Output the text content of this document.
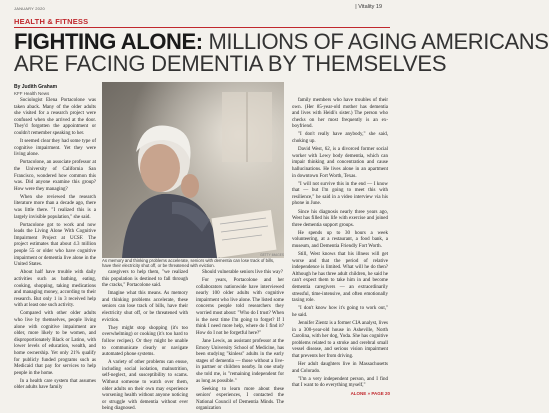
JANUARY 2020	| Vitality 19
HEALTH & FITNESS
FIGHTING ALONE: MILLIONS OF AGING AMERICANS
ARE FACING DEMENTIA BY THEMSELVES
By Judith Graham
KFF Health News

Sociologist Elena Portacolone was taken aback. Many of the older adults she visited for a research project were confused when she arrived at the door. They'd forgotten the appointment or couldn't remember speaking to her.

It seemed clear they had some type of cognitive impairment. Yet they were living alone.

Portacolone, an associate professor at the University of California San Francisco, wondered how common this was. Did anyone examine this group? How were they managing?

When she reviewed the research literature more than a decade ago, there was little there. "I realized this is a largely invisible population," she said.

Portacolone got to work and now leads the Living Alone With Cognitive Impairment Project at UCSF. The project estimates that about 4.3 million people 55 or older who have cognitive impairment or dementia live alone in the United States.

About half have trouble with daily activities such as bathing, eating, cooking, shopping, taking medications and managing money, according to their research. But only 1 in 3 received help with at least one such activity.

Compared with other older adults who live by themselves, people living alone with cognitive impairment are older, more likely to be women, and disproportionately Black or Latino, with lower levels of education, wealth, and home ownership. Yet only 21% qualify for publicly funded programs such as Medicaid that pay for services to help people in the home.

In a health care system that assumes older adults have family

GETTY IMAGES
As memory and thinking problems accelerate, seniors with dementia can lose track of bills, have their electricity shut off, or be threatened with eviction.

caregivers to help them, "we realized this population is destined to fall through the cracks," Portacolone said.

Imagine what this means. As memory and thinking problems accelerate, these seniors can lose track of bills, have their electricity shut off, or be threatened with eviction.

They might stop shopping (it's too overwhelming) or cooking (it's too hard to follow recipes). Or they might be unable to communicate clearly or navigate automated phone systems.

A variety of other problems can ensue, including social isolation, malnutrition, self-neglect, and susceptibility to scams. Without someone to watch over them, older adults on their own may experience worsening health without anyone noticing or struggle with dementia without ever being diagnosed.

Should vulnerable seniors live this way?

For years, Portacolone and her collaborators nationwide have interviewed nearly 100 older adults with cognitive impairment who live alone. The listed some concerns people told researchers they worried most about: "Who do I trust? When is the next time I'm going to forget? If I think I need more help, where do I find it? How do I not be forgetful here?"

Jane Lewis, an assistant professor at the Emory University School of Medicine, has been studying "kinless" adults in the early stages of dementia — those without a live-in partner or children nearby. In one study she told me, is "remaining independent for as long as possible."

Seeking to learn more about these seniors' experiences, I contacted the National Council of Dementia Minds. The organization

family members who have troubles of their own. (Her 85-year-old mother has dementia and lives with Heidi's sister.) The person who checks on her most frequently is an ex-boyfriend.

"I don't really have anybody," she said, choking up.

David West, 62, is a divorced former social worker with Lewy body dementia, which can impair thinking and concentration and cause hallucinations. He lives alone in an apartment in downtown Fort Worth, Texas.

"I will not survive this in the end — I know that — but I'm going to meet this with resilience," he said in a video interview via his phone in June.

Since his diagnosis nearly three years ago, West has filled his life with exercise and joined three dementia support groups.

He spends up to 30 hours a week volunteering, at a restaurant, a food bank, a museum, and Dementia Friendly Fort Worth.

Still, West knows that his illness will get worse and that the period of relative independence is limited. What will he do then? Although he has three adult children, he said he can't expect them to take him in and become dementia caregivers — an extraordinarily stressful, time-intensive, and often emotionally taxing role.

"I don't know how it's going to work out," he said.

Jennifer Zientz is a former CIA analyst, lives in a 300-year-old house in Asheville, North Carolina, with her dog, Yoda. She has cognitive problems related to a stroke and cerebral small vessel disease, and serious vision impairment that prevents her from driving.

Her adult daughters live in Massachusetts and Colorado.

"I'm a very independent person, and I find that I want to do everything myself,"

ALONE » PAGE 20
